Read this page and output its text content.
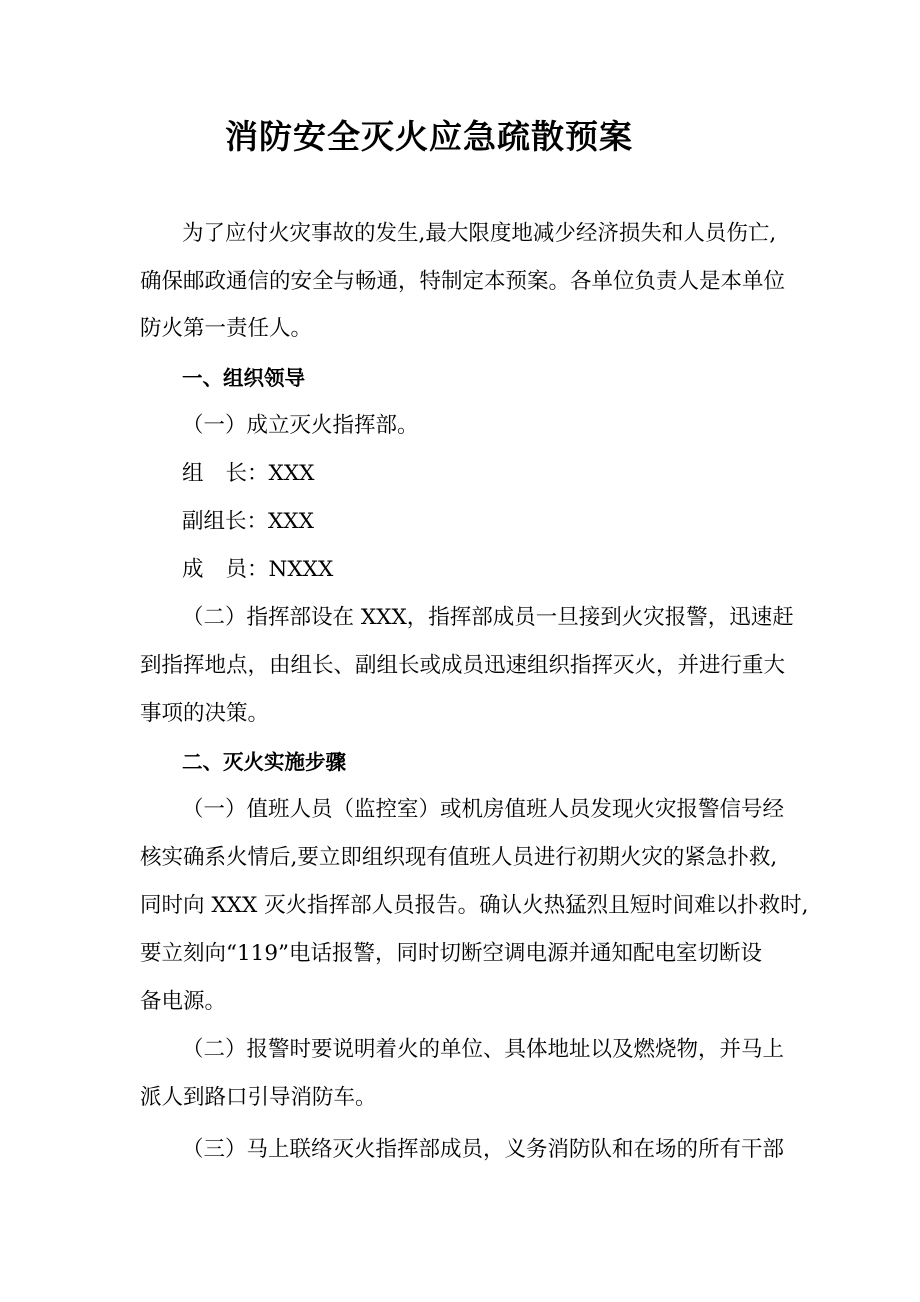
消防安全灭火应急疏散预案
为了应付火灾事故的发生,最大限度地减少经济损失和人员伤亡,
确保邮政通信的安全与畅通，特制定本预案。各单位负责人是本单位
防火第一责任人。
一、组织领导
（一）成立灭火指挥部。
组 长：XXX
副组长：XXX
成 员：NXXX
（二）指挥部设在 XXX，指挥部成员一旦接到火灾报警，迅速赶
到指挥地点，由组长、副组长或成员迅速组织指挥灭火，并进行重大
事项的决策。
二、灭火实施步骤
（一）值班人员（监控室）或机房值班人员发现火灾报警信号经
核实确系火情后,要立即组织现有值班人员进行初期火灾的紧急扑救,
同时向 XXX 灭火指挥部人员报告。确认火热猛烈且短时间难以扑救时,
要立刻向“119”电话报警，同时切断空调电源并通知配电室切断设
备电源。
（二）报警时要说明着火的单位、具体地址以及燃烧物，并马上
派人到路口引导消防车。
（三）马上联络灭火指挥部成员，义务消防队和在场的所有干部
